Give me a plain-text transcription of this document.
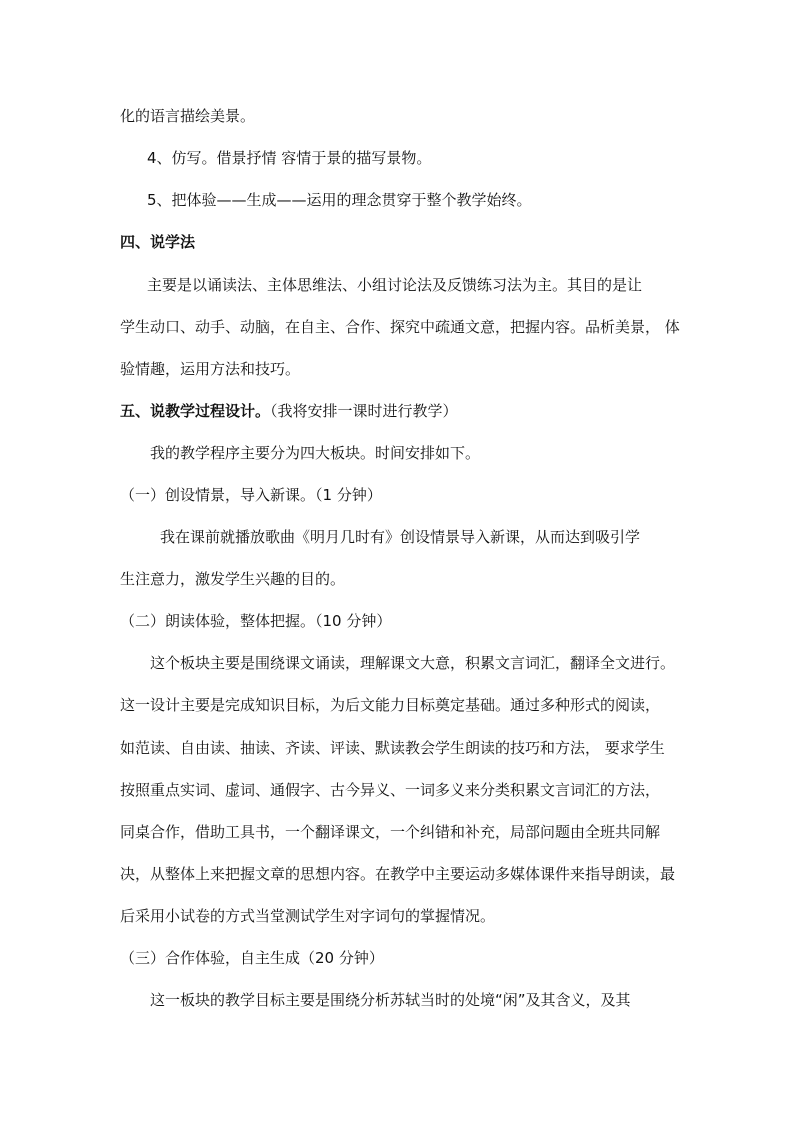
化的语言描绘美景。
4、仿写。借景抒情 容情于景的描写景物。
5、把体验——生成——运用的理念贯穿于整个教学始终。
四、说学法
主要是以诵读法、主体思维法、小组讨论法及反馈练习法为主。其目的是让
学生动口、动手、动脑，在自主、合作、探究中疏通文意，把握内容。品析美景， 体
验情趣，运用方法和技巧。
五、说教学过程设计。（我将安排一课时进行教学）
我的教学程序主要分为四大板块。时间安排如下。
（一）创设情景，导入新课。（1 分钟）
我在课前就播放歌曲《明月几时有》创设情景导入新课，从而达到吸引学
生注意力，激发学生兴趣的目的。
（二）朗读体验，整体把握。（10 分钟）
这个板块主要是围绕课文诵读，理解课文大意，积累文言词汇，翻译全文进行。
这一设计主要是完成知识目标，为后文能力目标奠定基础。通过多种形式的阅读，
如范读、自由读、抽读、齐读、评读、默读教会学生朗读的技巧和方法， 要求学生
按照重点实词、虚词、通假字、古今异义、一词多义来分类积累文言词汇的方法，
同桌合作，借助工具书，一个翻译课文，一个纠错和补充，局部问题由全班共同解
决，从整体上来把握文章的思想内容。在教学中主要运动多媒体课件来指导朗读，最
后采用小试卷的方式当堂测试学生对字词句的掌握情况。
（三）合作体验，自主生成（20 分钟）
这一板块的教学目标主要是围绕分析苏轼当时的处境“闲”及其含义，及其
